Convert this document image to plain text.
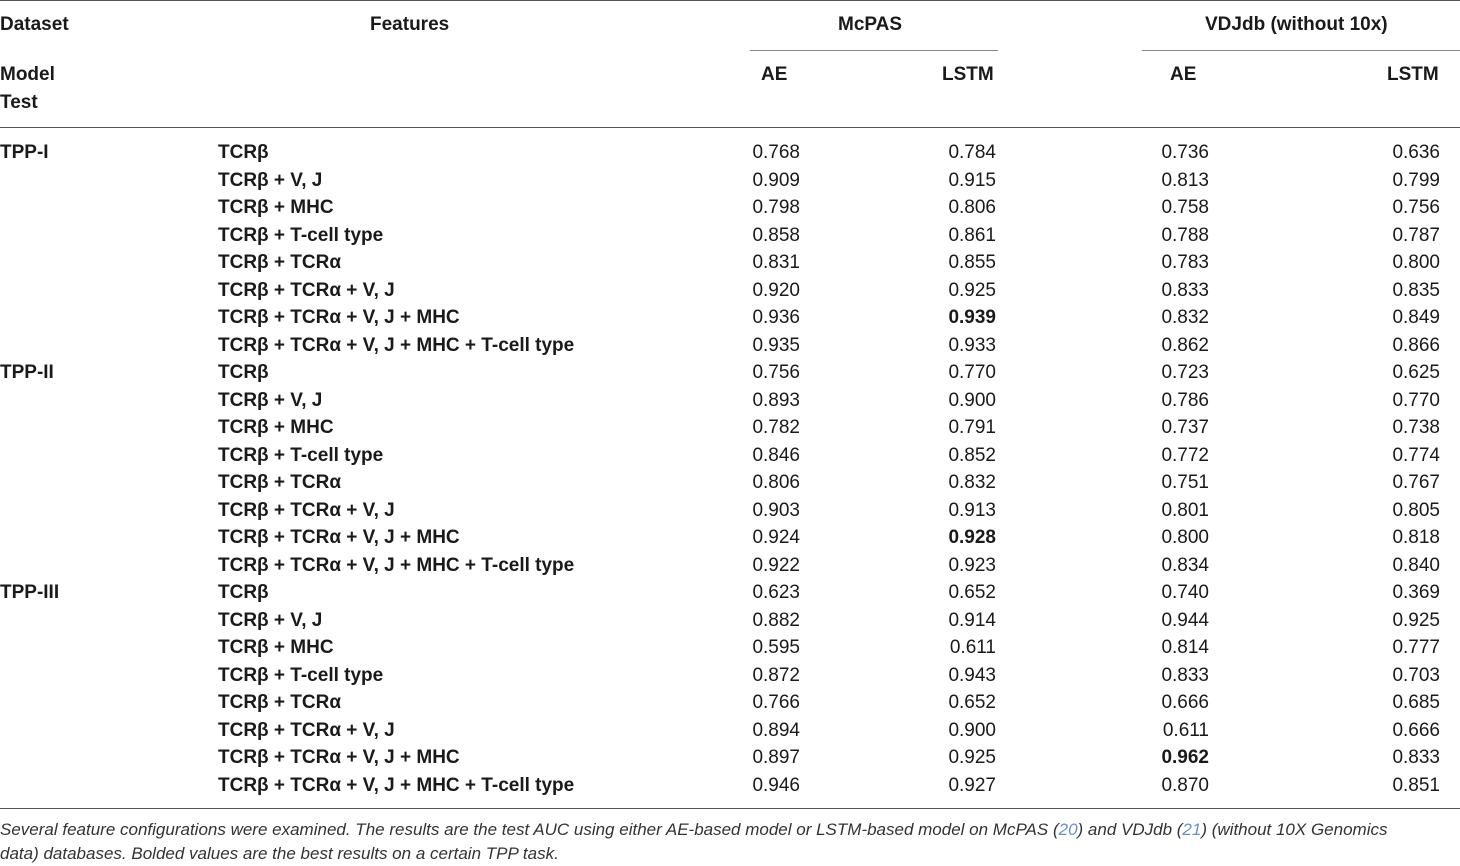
Dataset	Features	McPAS	VDJdb (without 10x)
Model
Test
AE	LSTM	AE	LSTM
TPP-I	TCRβ	0.768	0.784	0.736	0.636
TCRβ + V, J	0.909	0.915	0.813	0.799
TCRβ + MHC	0.798	0.806	0.758	0.756
TCRβ + T-cell type	0.858	0.861	0.788	0.787
TCRβ + TCRα	0.831	0.855	0.783	0.800
TCRβ + TCRα + V, J	0.920	0.925	0.833	0.835
TCRβ + TCRα + V, J + MHC	0.936	0.939	0.832	0.849
TCRβ + TCRα + V, J + MHC + T-cell type	0.935	0.933	0.862	0.866
TPP-II	TCRβ	0.756	0.770	0.723	0.625
TCRβ + V, J	0.893	0.900	0.786	0.770
TCRβ + MHC	0.782	0.791	0.737	0.738
TCRβ + T-cell type	0.846	0.852	0.772	0.774
TCRβ + TCRα	0.806	0.832	0.751	0.767
TCRβ + TCRα + V, J	0.903	0.913	0.801	0.805
TCRβ + TCRα + V, J + MHC	0.924	0.928	0.800	0.818
TCRβ + TCRα + V, J + MHC + T-cell type	0.922	0.923	0.834	0.840
TPP-III	TCRβ	0.623	0.652	0.740	0.369
TCRβ + V, J	0.882	0.914	0.944	0.925
TCRβ + MHC	0.595	0.611	0.814	0.777
TCRβ + T-cell type	0.872	0.943	0.833	0.703
TCRβ + TCRα	0.766	0.652	0.666	0.685
TCRβ + TCRα + V, J	0.894	0.900	0.611	0.666
TCRβ + TCRα + V, J + MHC	0.897	0.925	0.962	0.833
TCRβ + TCRα + V, J + MHC + T-cell type	0.946	0.927	0.870	0.851
Several feature configurations were examined. The results are the test AUC using either AE-based model or LSTM-based model on McPAS (20) and VDJdb (21) (without 10X Genomics
data) databases. Bolded values are the best results on a certain TPP task.
